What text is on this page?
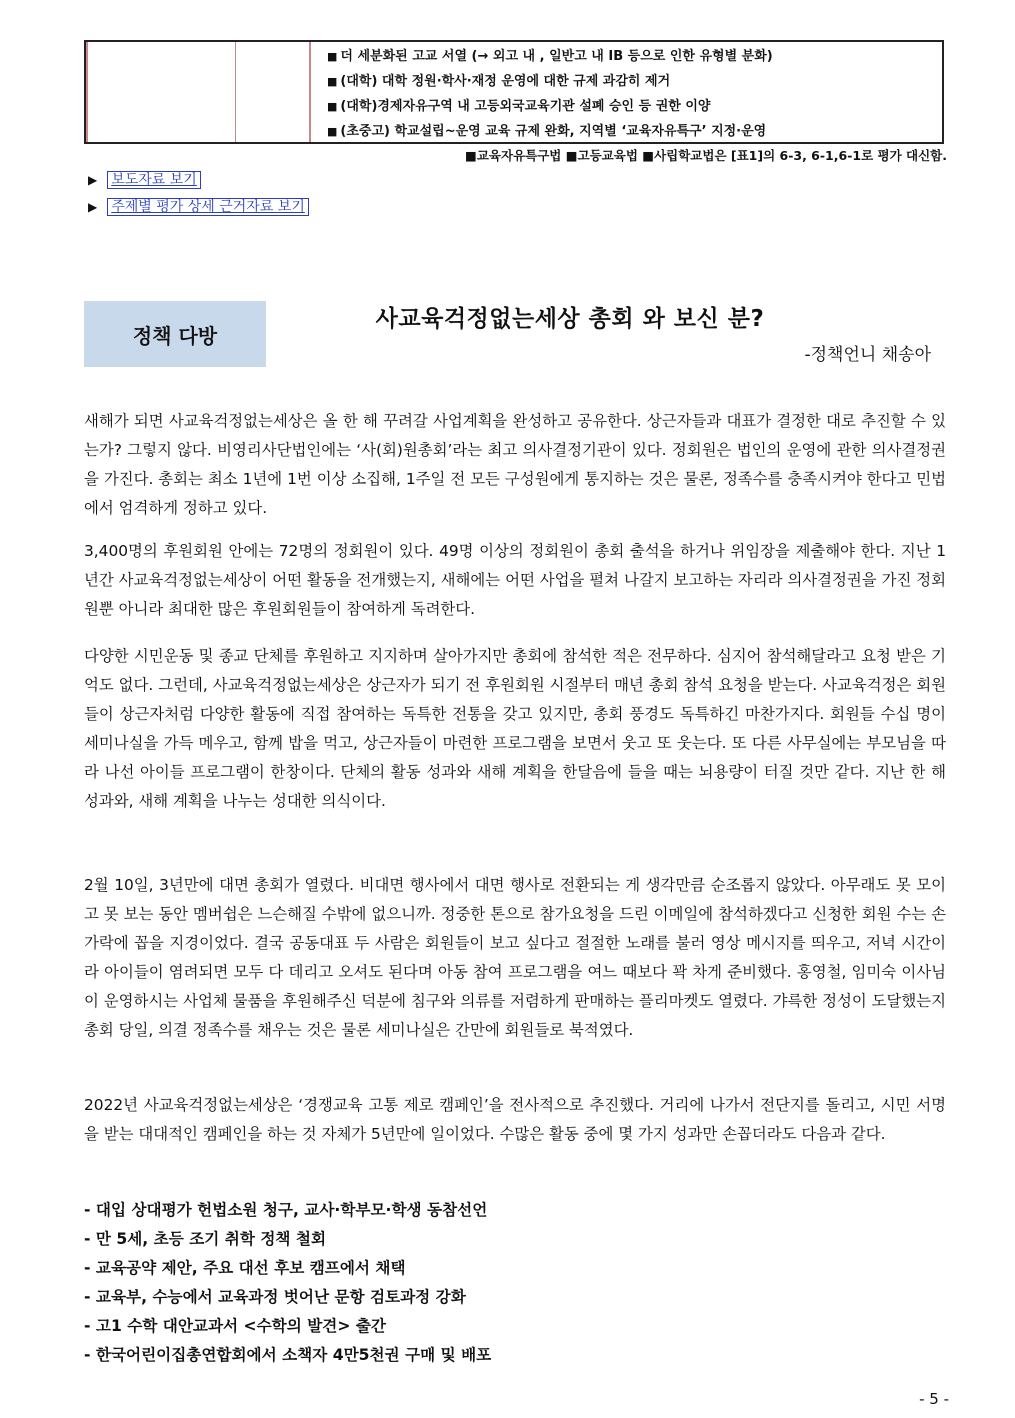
■ 더 세분화된 고교 서열 (→ 외고 내 , 일반고 내 IB 등으로 인한 유형별 분화)
■ (대학) 대학 정원·학사·재정 운영에 대한 규제 과감히 제거
■ (대학)경제자유구역 내 고등외국교육기관 설폐 승인 등 권한 이양
■ (초중고) 학교설립~운영 교육 규제 완화, 지역별 ‘교육자유특구’ 지정·운영
■교육자유특구법 ■고등교육법 ■사립학교법은 [표1]의 6-3, 6-1,6-1로 평가 대신함.
▶ 보도자료 보기
▶ 주제별 평가 상세 근거자료 보기
정책 다방
사교육걱정없는세상 총회 와 보신 분?
-정책언니 채송아

새해가 되면 사교육걱정없는세상은 올 한 해 꾸려갈 사업계획을 완성하고 공유한다. 상근자들과 대표가 결정한 대로 추진할 수 있는가? 그렇지 않다. 비영리사단법인에는 ‘사(회)원총회’라는 최고 의사결정기관이 있다. 정회원은 법인의 운영에 관한 의사결정권을 가진다. 총회는 최소 1년에 1번 이상 소집해, 1주일 전 모든 구성원에게 통지하는 것은 물론, 정족수를 충족시켜야 한다고 민법에서 엄격하게 정하고 있다.

3,400명의 후원회원 안에는 72명의 정회원이 있다. 49명 이상의 정회원이 총회 출석을 하거나 위임장을 제출해야 한다. 지난 1년간 사교육걱정없는세상이 어떤 활동을 전개했는지, 새해에는 어떤 사업을 펼쳐 나갈지 보고하는 자리라 의사결정권을 가진 정회원뿐 아니라 최대한 많은 후원회원들이 참여하게 독려한다.

다양한 시민운동 및 종교 단체를 후원하고 지지하며 살아가지만 총회에 참석한 적은 전무하다. 심지어 참석해달라고 요청 받은 기억도 없다. 그런데, 사교육걱정없는세상은 상근자가 되기 전 후원회원 시절부터 매년 총회 참석 요청을 받는다. 사교육걱정은 회원들이 상근자처럼 다양한 활동에 직접 참여하는 독특한 전통을 갖고 있지만, 총회 풍경도 독특하긴 마찬가지다. 회원들 수십 명이 세미나실을 가득 메우고, 함께 밥을 먹고, 상근자들이 마련한 프로그램을 보면서 웃고 또 웃는다. 또 다른 사무실에는 부모님을 따라 나선 아이들 프로그램이 한창이다. 단체의 활동 성과와 새해 계획을 한달음에 들을 때는 뇌용량이 터질 것만 같다. 지난 한 해 성과와, 새해 계획을 나누는 성대한 의식이다.

2월 10일, 3년만에 대면 총회가 열렸다. 비대면 행사에서 대면 행사로 전환되는 게 생각만큼 순조롭지 않았다. 아무래도 못 모이고 못 보는 동안 멤버쉽은 느슨해질 수밖에 없으니까. 정중한 톤으로 참가요청을 드린 이메일에 참석하겠다고 신청한 회원 수는 손가락에 꼽을 지경이었다. 결국 공동대표 두 사람은 회원들이 보고 싶다고 절절한 노래를 불러 영상 메시지를 띄우고, 저녁 시간이라 아이들이 염려되면 모두 다 데리고 오셔도 된다며 아동 참여 프로그램을 여느 때보다 꽉 차게 준비했다. 홍영철, 임미숙 이사님이 운영하시는 사업체 물품을 후원해주신 덕분에 침구와 의류를 저렴하게 판매하는 플리마켓도 열렸다. 갸륵한 정성이 도달했는지 총회 당일, 의결 정족수를 채우는 것은 물론 세미나실은 간만에 회원들로 북적였다.

2022년 사교육걱정없는세상은 ‘경쟁교육 고통 제로 캠페인’을 전사적으로 추진했다. 거리에 나가서 전단지를 돌리고, 시민 서명을 받는 대대적인 캠페인을 하는 것 자체가 5년만에 일이었다. 수많은 활동 중에 몇 가지 성과만 손꼽더라도 다음과 같다.

- 대입 상대평가 헌법소원 청구, 교사·학부모·학생 동참선언
- 만 5세, 초등 조기 취학 정책 철회
- 교육공약 제안, 주요 대선 후보 캠프에서 채택
- 교육부, 수능에서 교육과정 벗어난 문항 검토과정 강화
- 고1 수학 대안교과서 <수학의 발견> 출간
- 한국어린이집총연합회에서 소책자 4만5천권 구매 및 배포
- 5 -
